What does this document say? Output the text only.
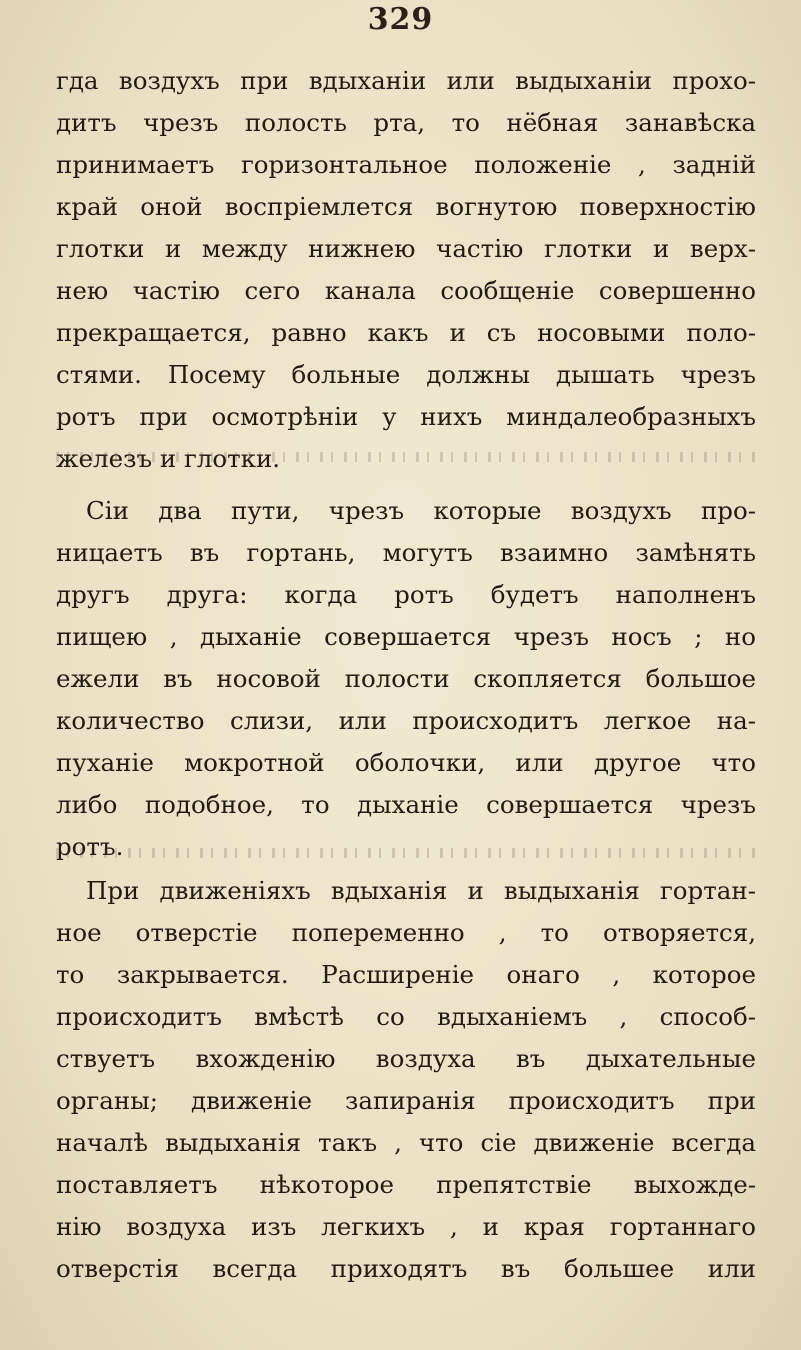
329
гда воздухъ при вдыханіи или выдыханіи прохо-
дитъ чрезъ полость рта, то нёбная занавѣска
принимаетъ горизонтальное положеніе , задній
край оной воспріемлется вогнутою поверхностію
глотки и между нижнею частію глотки и верх-
нею частію сего канала сообщеніе совершенно
прекращается, равно какъ и съ носовыми поло-
стями. Посему больные должны дышать чрезъ
ротъ при осмотрѣніи у нихъ миндалеобразныхъ
железъ и глотки.
Сіи два пути, чрезъ которые воздухъ про-
ницаетъ въ гортань, могутъ взаимно замѣнять
другъ друга: когда ротъ будетъ наполненъ
пищею , дыханіе совершается чрезъ носъ ; но
ежели въ носовой полости скопляется большое
количество слизи, или происходитъ легкое на-
пуханіе мокротной оболочки, или другое что
либо подобное, то дыханіе совершается чрезъ
ротъ.
При движеніяхъ вдыханія и выдыханія гортан-
ное отверстіе попеременно , то отворяется,
то закрывается. Расширеніе онаго , которое
происходитъ вмѣстѣ со вдыханіемъ , способ-
ствуетъ вхожденію воздуха въ дыхательные
органы; движеніе запиранія происходитъ при
началѣ выдыханія такъ , что сіе движеніе всегда
поставляетъ нѣкоторое препятствіе выхожде-
нію воздуха изъ легкихъ , и края гортаннаго
отверстія всегда приходятъ въ большее или
